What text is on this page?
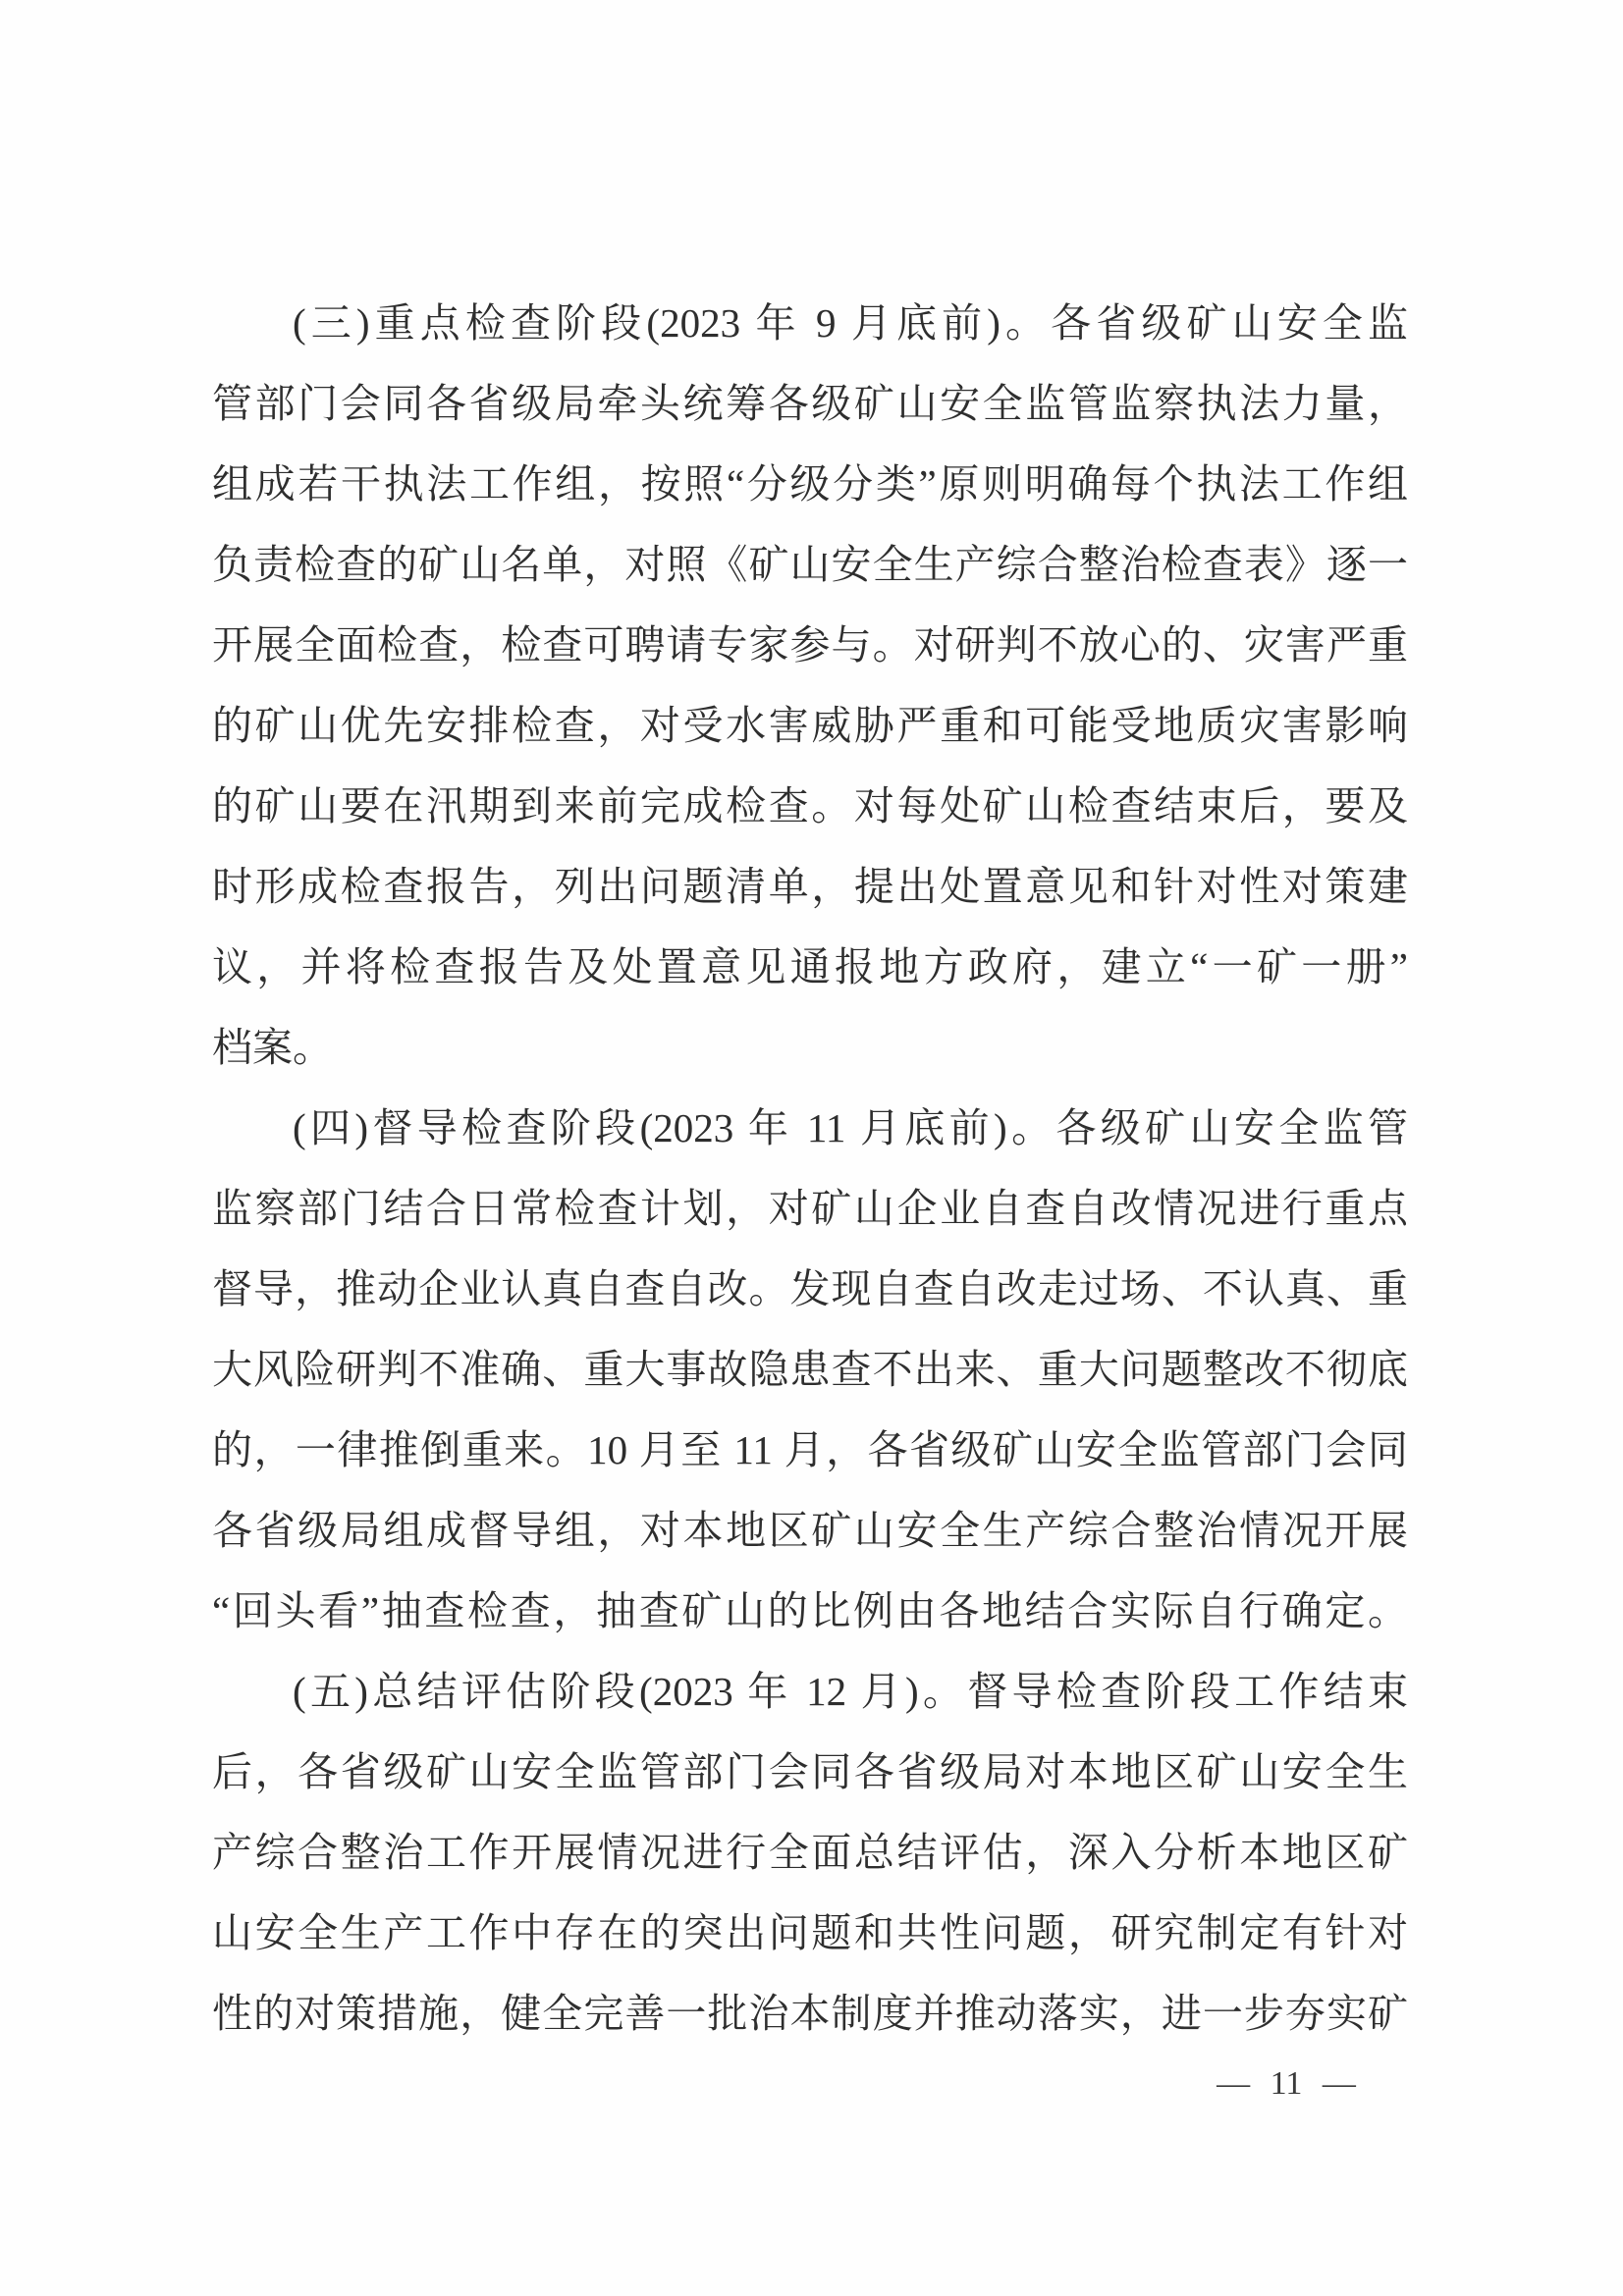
(三)重点检查阶段(2023 年 9 月底前)。各省级矿山安全监
管部门会同各省级局牵头统筹各级矿山安全监管监察执法力量，
组成若干执法工作组，按照“分级分类”原则明确每个执法工作组
负责检查的矿山名单，对照《矿山安全生产综合整治检查表》逐一
开展全面检查，检查可聘请专家参与。对研判不放心的、灾害严重
的矿山优先安排检查，对受水害威胁严重和可能受地质灾害影响
的矿山要在汛期到来前完成检查。对每处矿山检查结束后，要及
时形成检查报告，列出问题清单，提出处置意见和针对性对策建
议，并将检查报告及处置意见通报地方政府，建立“一矿一册”
档案。
(四)督导检查阶段(2023 年 11 月底前)。各级矿山安全监管
监察部门结合日常检查计划，对矿山企业自查自改情况进行重点
督导，推动企业认真自查自改。发现自查自改走过场、不认真、重
大风险研判不准确、重大事故隐患查不出来、重大问题整改不彻底
的，一律推倒重来。10 月至 11 月，各省级矿山安全监管部门会同
各省级局组成督导组，对本地区矿山安全生产综合整治情况开展
“回头看”抽查检查，抽查矿山的比例由各地结合实际自行确定。
(五)总结评估阶段(2023 年 12 月)。督导检查阶段工作结束
后，各省级矿山安全监管部门会同各省级局对本地区矿山安全生
产综合整治工作开展情况进行全面总结评估，深入分析本地区矿
山安全生产工作中存在的突出问题和共性问题，研究制定有针对
性的对策措施，健全完善一批治本制度并推动落实，进一步夯实矿
— 11 —
